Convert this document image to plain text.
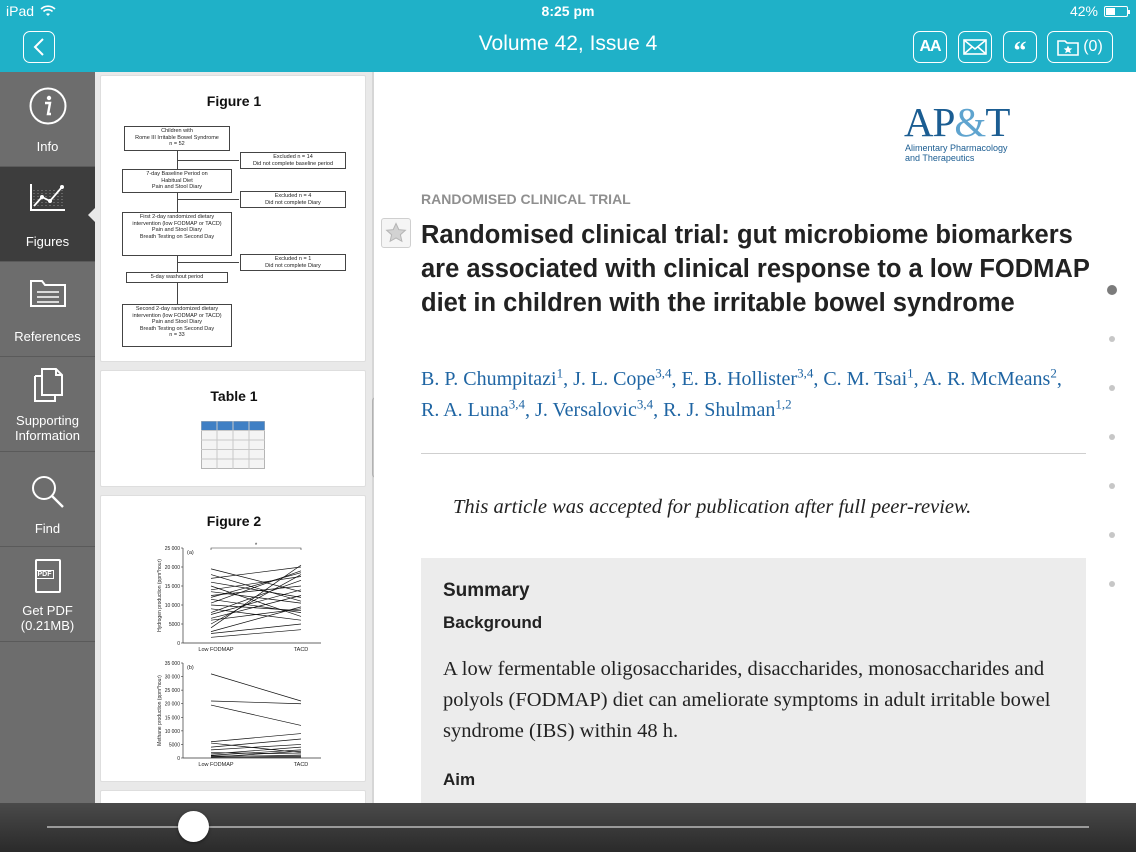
iPad	8:25 pm	42%
Volume 42, Issue 4	AA	“	(0)
Info
Figures
References
Supporting Information
Find
PDF
Get PDF (0.21MB)
Figure 1
Children with
Rome III Irritable Bowel Syndrome
n = 52
Excluded n = 14
Did not complete baseline period
7-day Baseline Period on
Habitual Diet
Pain and Stool Diary
Excluded n = 4
Did not complete Diary
First 2-day randomized dietary
intervention (low FODMAP or TACD)
Pain and Stool Diary
Breath Testing on Second Day
Excluded n = 1
Did not complete Diary
5-day washout period
Second 2-day randomized dietary
intervention (low FODMAP or TACD)
Pain and Stool Diary
Breath Testing on Second Day
n = 33
Table 1
Figure 2
25 000
20 000
15 000
10 000
5000
0
(a)
Hydrogen production (ppm*hour)
Low FODMAP	TACD
*
35 000
30 000
25 000
20 000
15 000
10 000
5000
0
(b)
Methane production (ppm*hour)
Low FODMAP	TACD
AP&T
Alimentary Pharmacology
and Therapeutics
RANDOMISED CLINICAL TRIAL
Randomised clinical trial: gut microbiome biomarkers are associated with clinical response to a low FODMAP diet in children with the irritable bowel syndrome
B. P. Chumpitazi$^1$, J. L. Cope$^{3,4}$, E. B. Hollister$^{3,4}$, C. M. Tsai$^1$, A. R. McMeans$^2$, R. A. Luna$^{3,4}$, J. Versalovic$^{3,4}$, R. J. Shulman$^{1,2}$
This article was accepted for publication after full peer-review.
Summary
Background
A low fermentable oligosaccharides, disaccharides, monosaccharides and polyols (FODMAP) diet can ameliorate symptoms in adult irritable bowel syndrome (IBS) within 48 h.
Aim
